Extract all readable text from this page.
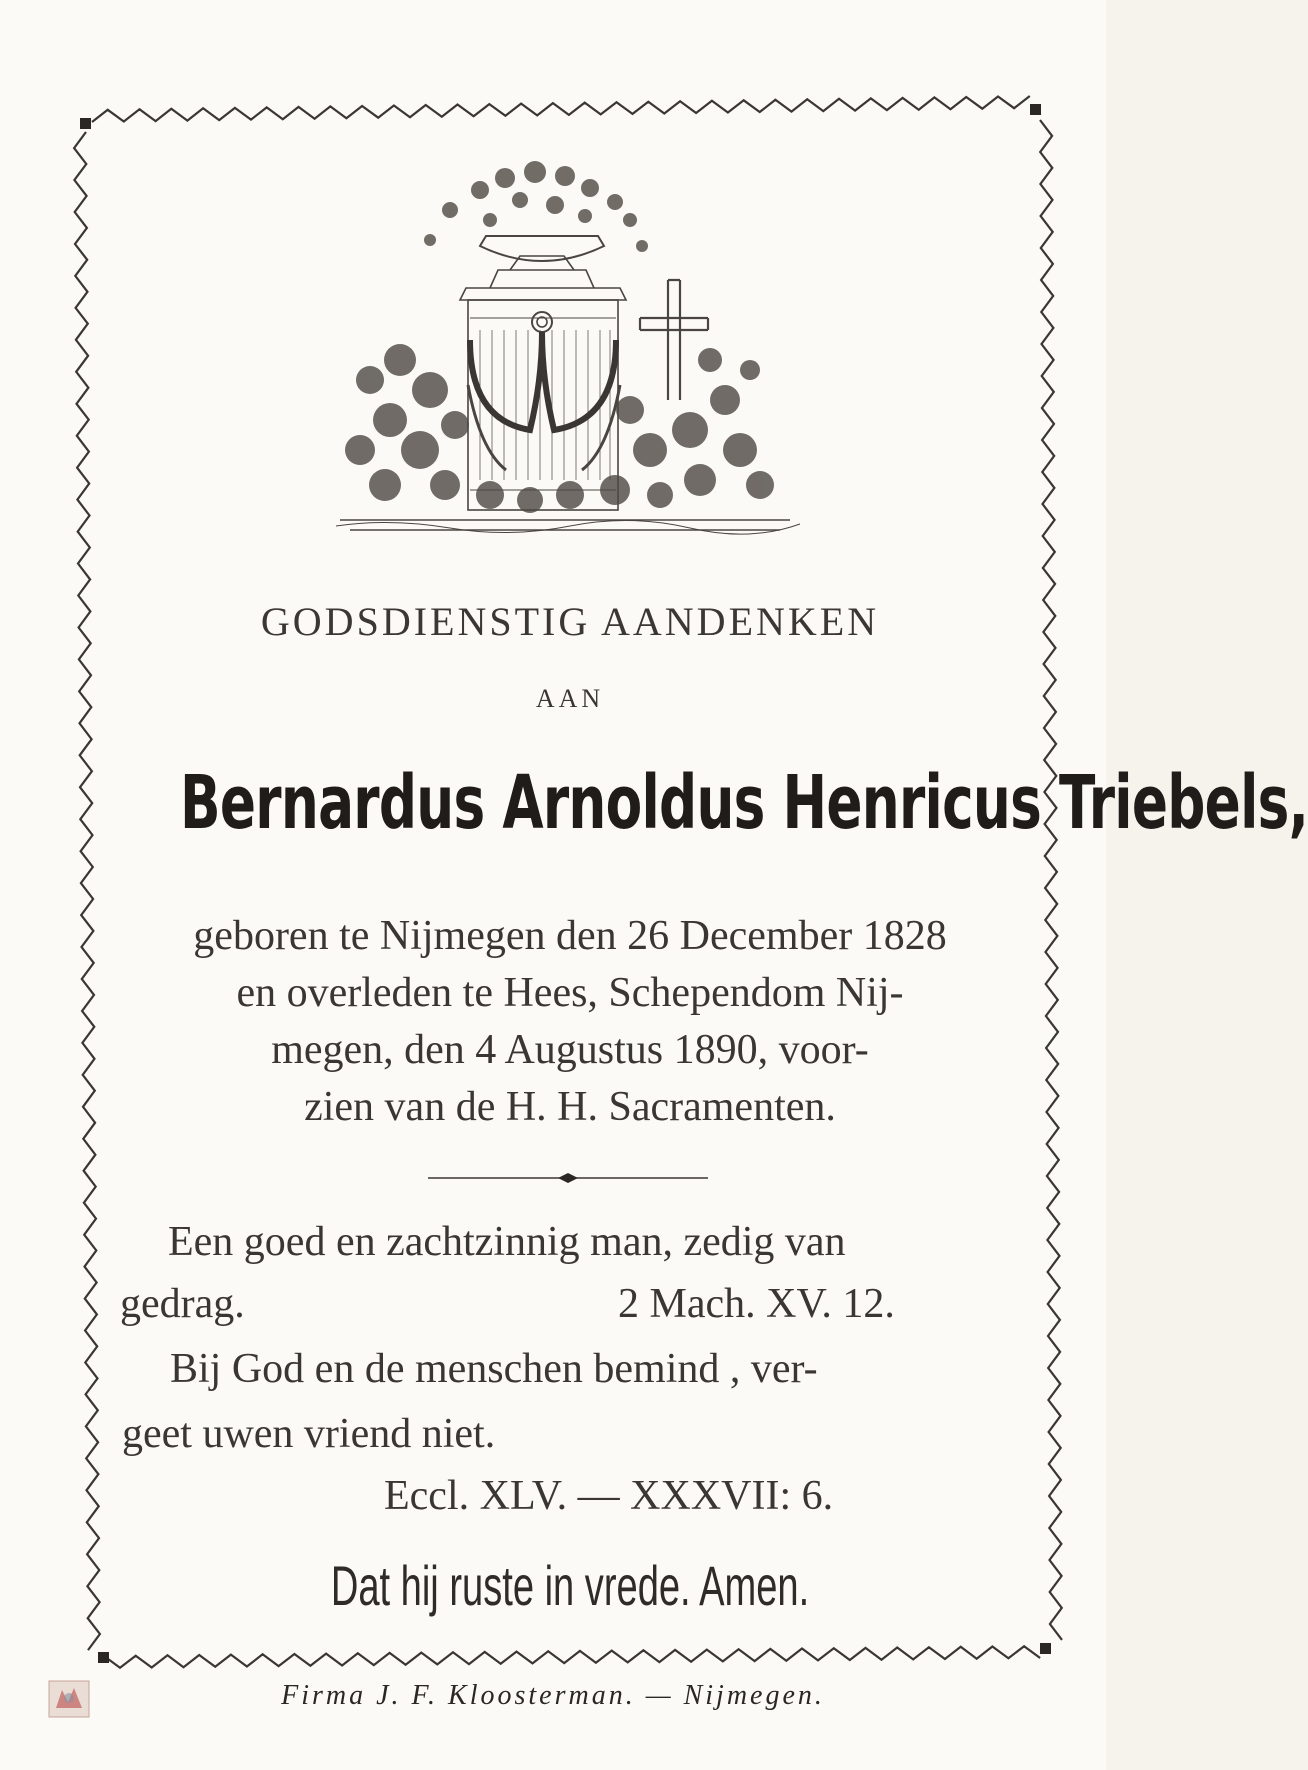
GODSDIENSTIG AANDENKEN
AAN
Bernardus Arnoldus Henricus Triebels,
geboren te Nijmegen den 26 December 1828
en overleden te Hees, Schependom Nij-
megen, den 4 Augustus 1890, voor-
zien van de H. H. Sacramenten.
Een goed en zachtzinnig man, zedig van
gedrag.	2 Mach. XV. 12.
Bij God en de menschen bemind , ver-
geet uwen vriend niet.
Eccl. XLV. — XXXVII: 6.
Dat hij ruste in vrede. Amen.
Firma J. F. Kloosterman. — Nijmegen.
